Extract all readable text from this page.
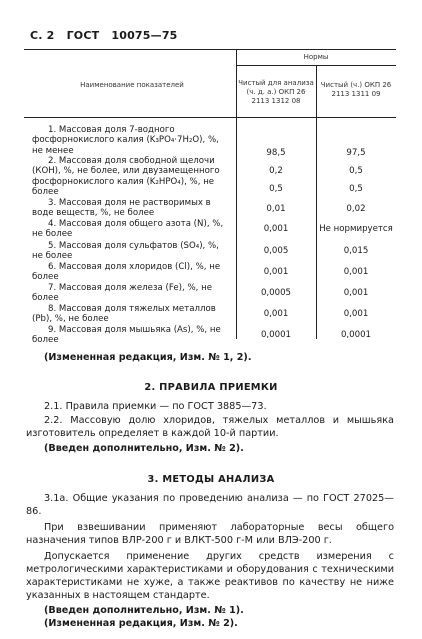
С. 2 ГОСТ 10075—75
Наименование показателей
Нормы
Чистый для анализа (ч. д. а.) ОКП 26 2113 1312 08
Чистый (ч.) ОКП 26 2113 1311 09
1. Массовая доля 7-водного фосфорнокислого калия (K₃PO₄·7H₂O), %, не менее	98,5	97,5
2. Массовая доля свободной щелочи (КОН), %, не более, или двузамещенного фосфорнокислого калия (K₂HPO₄), %, не более
0,2	0,5
0,5	0,5
3. Массовая доля не растворимых в воде веществ, %, не более	0,01	0,02
4. Массовая доля общего азота (N), %, не более
0,001	Не нормируется
5. Массовая доля сульфатов (SO₄), %, не более
0,005	0,015
6. Массовая доля хлоридов (Cl), %, не более
0,001	0,001
7. Массовая доля железа (Fe), %, не более
0,0005	0,001
8. Массовая доля тяжелых металлов (Pb), %, не более
0,001	0,001
9. Массовая доля мышьяка (As), %, не более
0,0001	0,0001
(Измененная редакция, Изм. № 1, 2).
2. ПРАВИЛА ПРИЕМКИ
2.1. Правила приемки — по ГОСТ 3885—73.
2.2. Массовую долю хлоридов, тяжелых металлов и мышьяка изготовитель определяет в каждой 10-й партии.
(Введен дополнительно, Изм. № 2).
3. МЕТОДЫ АНАЛИЗА
3.1а. Общие указания по проведению анализа — по ГОСТ 27025—86.
При взвешивании применяют лабораторные весы общего назначения типов ВЛР-200 г и ВЛКТ-500 г-М или ВЛЭ-200 г.
Допускается применение других средств измерения с метрологическими характеристиками и оборудования с техническими характеристиками не хуже, а также реактивов по качеству не ниже указанных в настоящем стандарте.
(Введен дополнительно, Изм. № 1).
(Измененная редакция, Изм. № 2).
